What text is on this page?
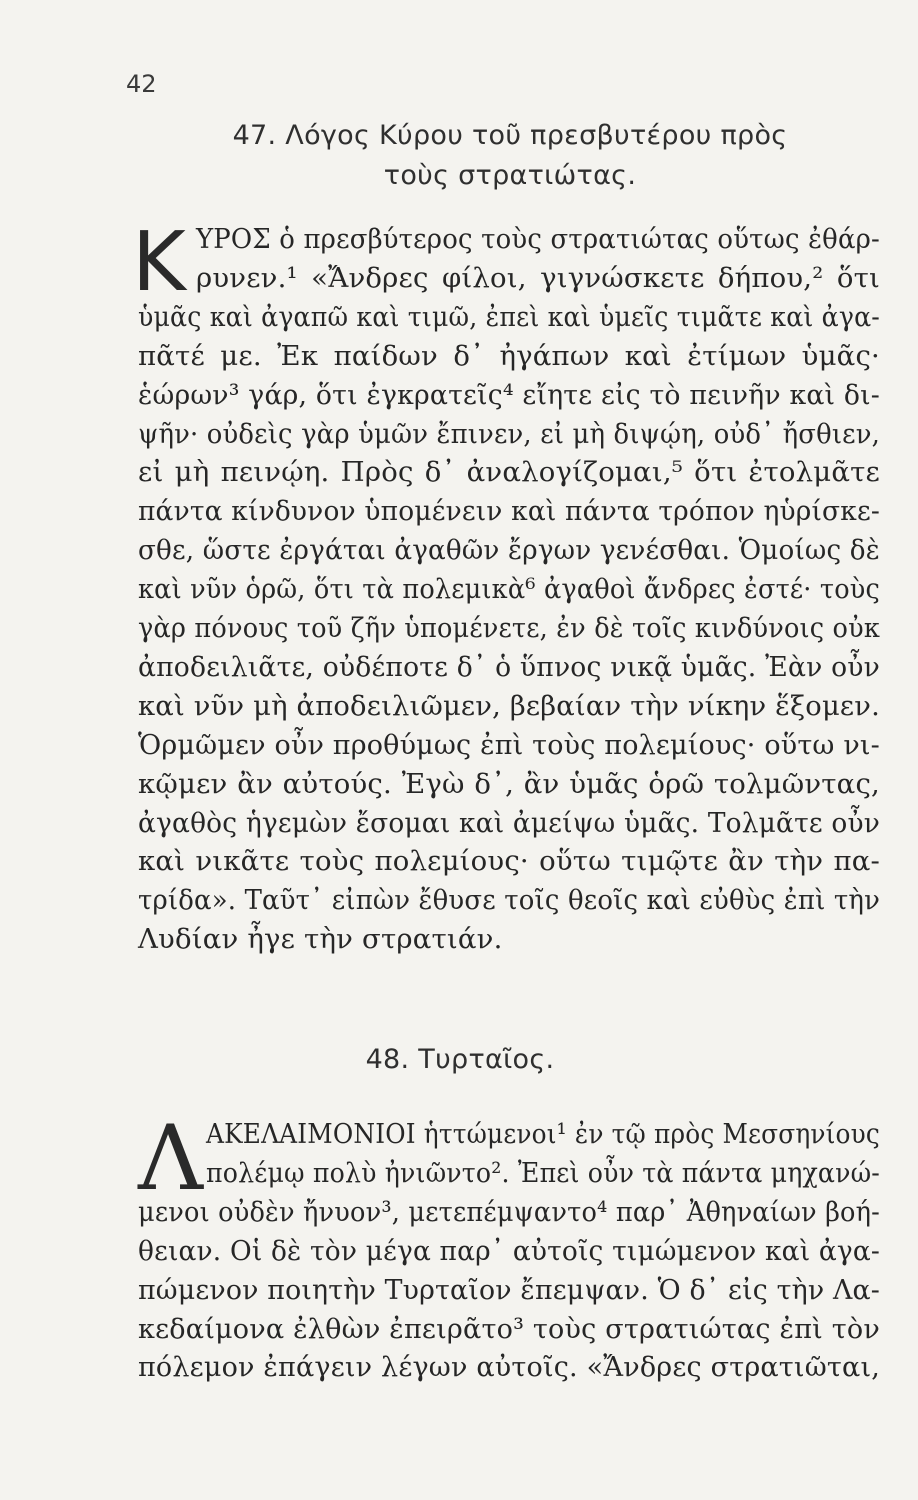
42
47. Λόγος Κύρου τοῦ πρεσβυτέρου πρὸς
τοὺς στρατιώτας.
Κ ΥΡΟΣ ὁ πρεσβύτερος τοὺς στρατιώτας οὕτως ἐθάρ-
ρυνεν.¹ «Ἄνδρες φίλοι, γιγνώσκετε δήπου,² ὅτι
ὑμᾶς καὶ ἀγαπῶ καὶ τιμῶ, ἐπεὶ καὶ ὑμεῖς τιμᾶτε καὶ ἀγα-
πᾶτέ με. Ἐκ παίδων δ᾿ ἠγάπων καὶ ἐτίμων ὑμᾶς·
ἑώρων³ γάρ, ὅτι ἐγκρατεῖς⁴ εἴητε εἰς τὸ πεινῆν καὶ δι-
ψῆν· οὐδεὶς γὰρ ὑμῶν ἔπινεν, εἰ μὴ διψῴη, οὐδ᾿ ἤσθιεν,
εἰ μὴ πεινῴη. Πρὸς δ᾿ ἀναλογίζομαι,⁵ ὅτι ἐτολμᾶτε
πάντα κίνδυνον ὑπομένειν καὶ πάντα τρόπον ηὑρίσκε-
σθε, ὥστε ἐργάται ἀγαθῶν ἔργων γενέσθαι. Ὁμοίως δὲ
καὶ νῦν ὁρῶ, ὅτι τὰ πολεμικὰ⁶ ἀγαθοὶ ἄνδρες ἐστέ· τοὺς
γὰρ πόνους τοῦ ζῆν ὑπομένετε, ἐν δὲ τοῖς κινδύνοις οὐκ
ἀποδειλιᾶτε, οὐδέποτε δ᾿ ὁ ὕπνος νικᾷ ὑμᾶς. Ἐὰν οὖν
καὶ νῦν μὴ ἀποδειλιῶμεν, βεβαίαν τὴν νίκην ἕξομεν.
Ὁρμῶμεν οὖν προθύμως ἐπὶ τοὺς πολεμίους· οὕτω νι-
κῷμεν ἂν αὐτούς. Ἐγὼ δ᾿, ἂν ὑμᾶς ὁρῶ τολμῶντας,
ἀγαθὸς ἡγεμὼν ἔσομαι καὶ ἀμείψω ὑμᾶς. Τολμᾶτε οὖν
καὶ νικᾶτε τοὺς πολεμίους· οὕτω τιμῷτε ἂν τὴν πα-
τρίδα». Ταῦτ᾿ εἰπὼν ἔθυσε τοῖς θεοῖς καὶ εὐθὺς ἐπὶ τὴν
Λυδίαν ἦγε τὴν στρατιάν.
48. Τυρταῖος.
Λ ΑΚΕΛΑΙΜΟΝΙΟΙ ἡττώμενοι¹ ἐν τῷ πρὸς Μεσσηνίους
πολέμῳ πολὺ ἠνιῶντο². Ἐπεὶ οὖν τὰ πάντα μηχανώ-
μενοι οὐδὲν ἤνυον³, μετεπέμψαντο⁴ παρ᾿ Ἀθηναίων βοή-
θειαν. Οἱ δὲ τὸν μέγα παρ᾿ αὐτοῖς τιμώμενον καὶ ἀγα-
πώμενον ποιητὴν Τυρταῖον ἔπεμψαν. Ὁ δ᾿ εἰς τὴν Λα-
κεδαίμονα ἐλθὼν ἐπειρᾶτο³ τοὺς στρατιώτας ἐπὶ τὸν
πόλεμον ἐπάγειν λέγων αὐτοῖς. «Ἄνδρες στρατιῶται,
